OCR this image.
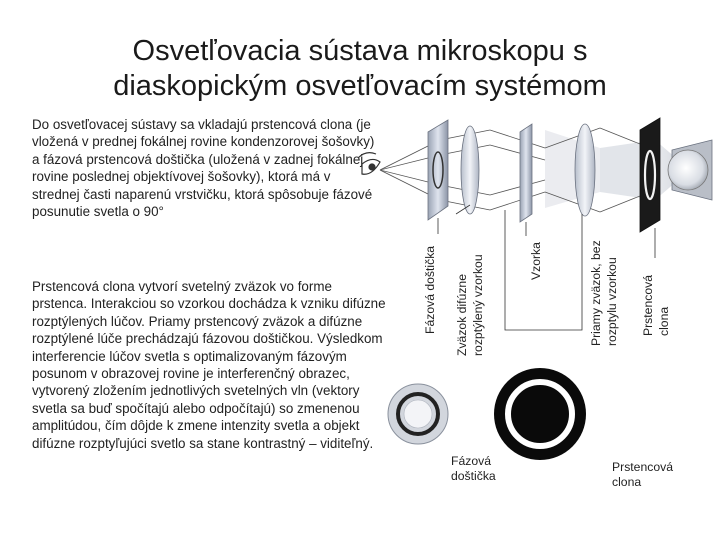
Osvetľovacia sústava mikroskopu s
diaskopickým osvetľovacím systémom
Do osvetľovacej sústavy sa vkladajú prstencová clona (je vložená v prednej fokálnej rovine kondenzorovej šošovky) a fázová prstencová doštička (uložená v zadnej fokálnej rovine poslednej objektívovej šošovky), ktorá má v strednej časti naparenú vrstvičku, ktorá spôsobuje fázové posunutie svetla o 90°
Prstencová clona vytvorí svetelný zväzok vo forme prstenca. Interakciou so vzorkou dochádza k vzniku difúzne rozptýlených lúčov. Priamy prstencový zväzok a difúzne rozptýlené lúče prechádzajú fázovou doštičkou. Výsledkom interferencie lúčov svetla s optimalizovaným fázovým posunom v obrazovej rovine je interferenčný obrazec, vytvorený zložením jednotlivých svetelných vln (vektory svetla sa buď spočítajú alebo odpočítajú) so zmenenou amplitúdou, čím dôjde k zmene intenzity svetla a objekt difúzne rozptyľujúci svetlo sa stane kontrastný – viditeľný.
Fázová doštička Zväzok difúzne rozptýlený vzorkou	Vzorka	Priamy zväzok, bez rozptylu vzorkou Prstencová clona
Fázová
doštička
Prstencová
clona
